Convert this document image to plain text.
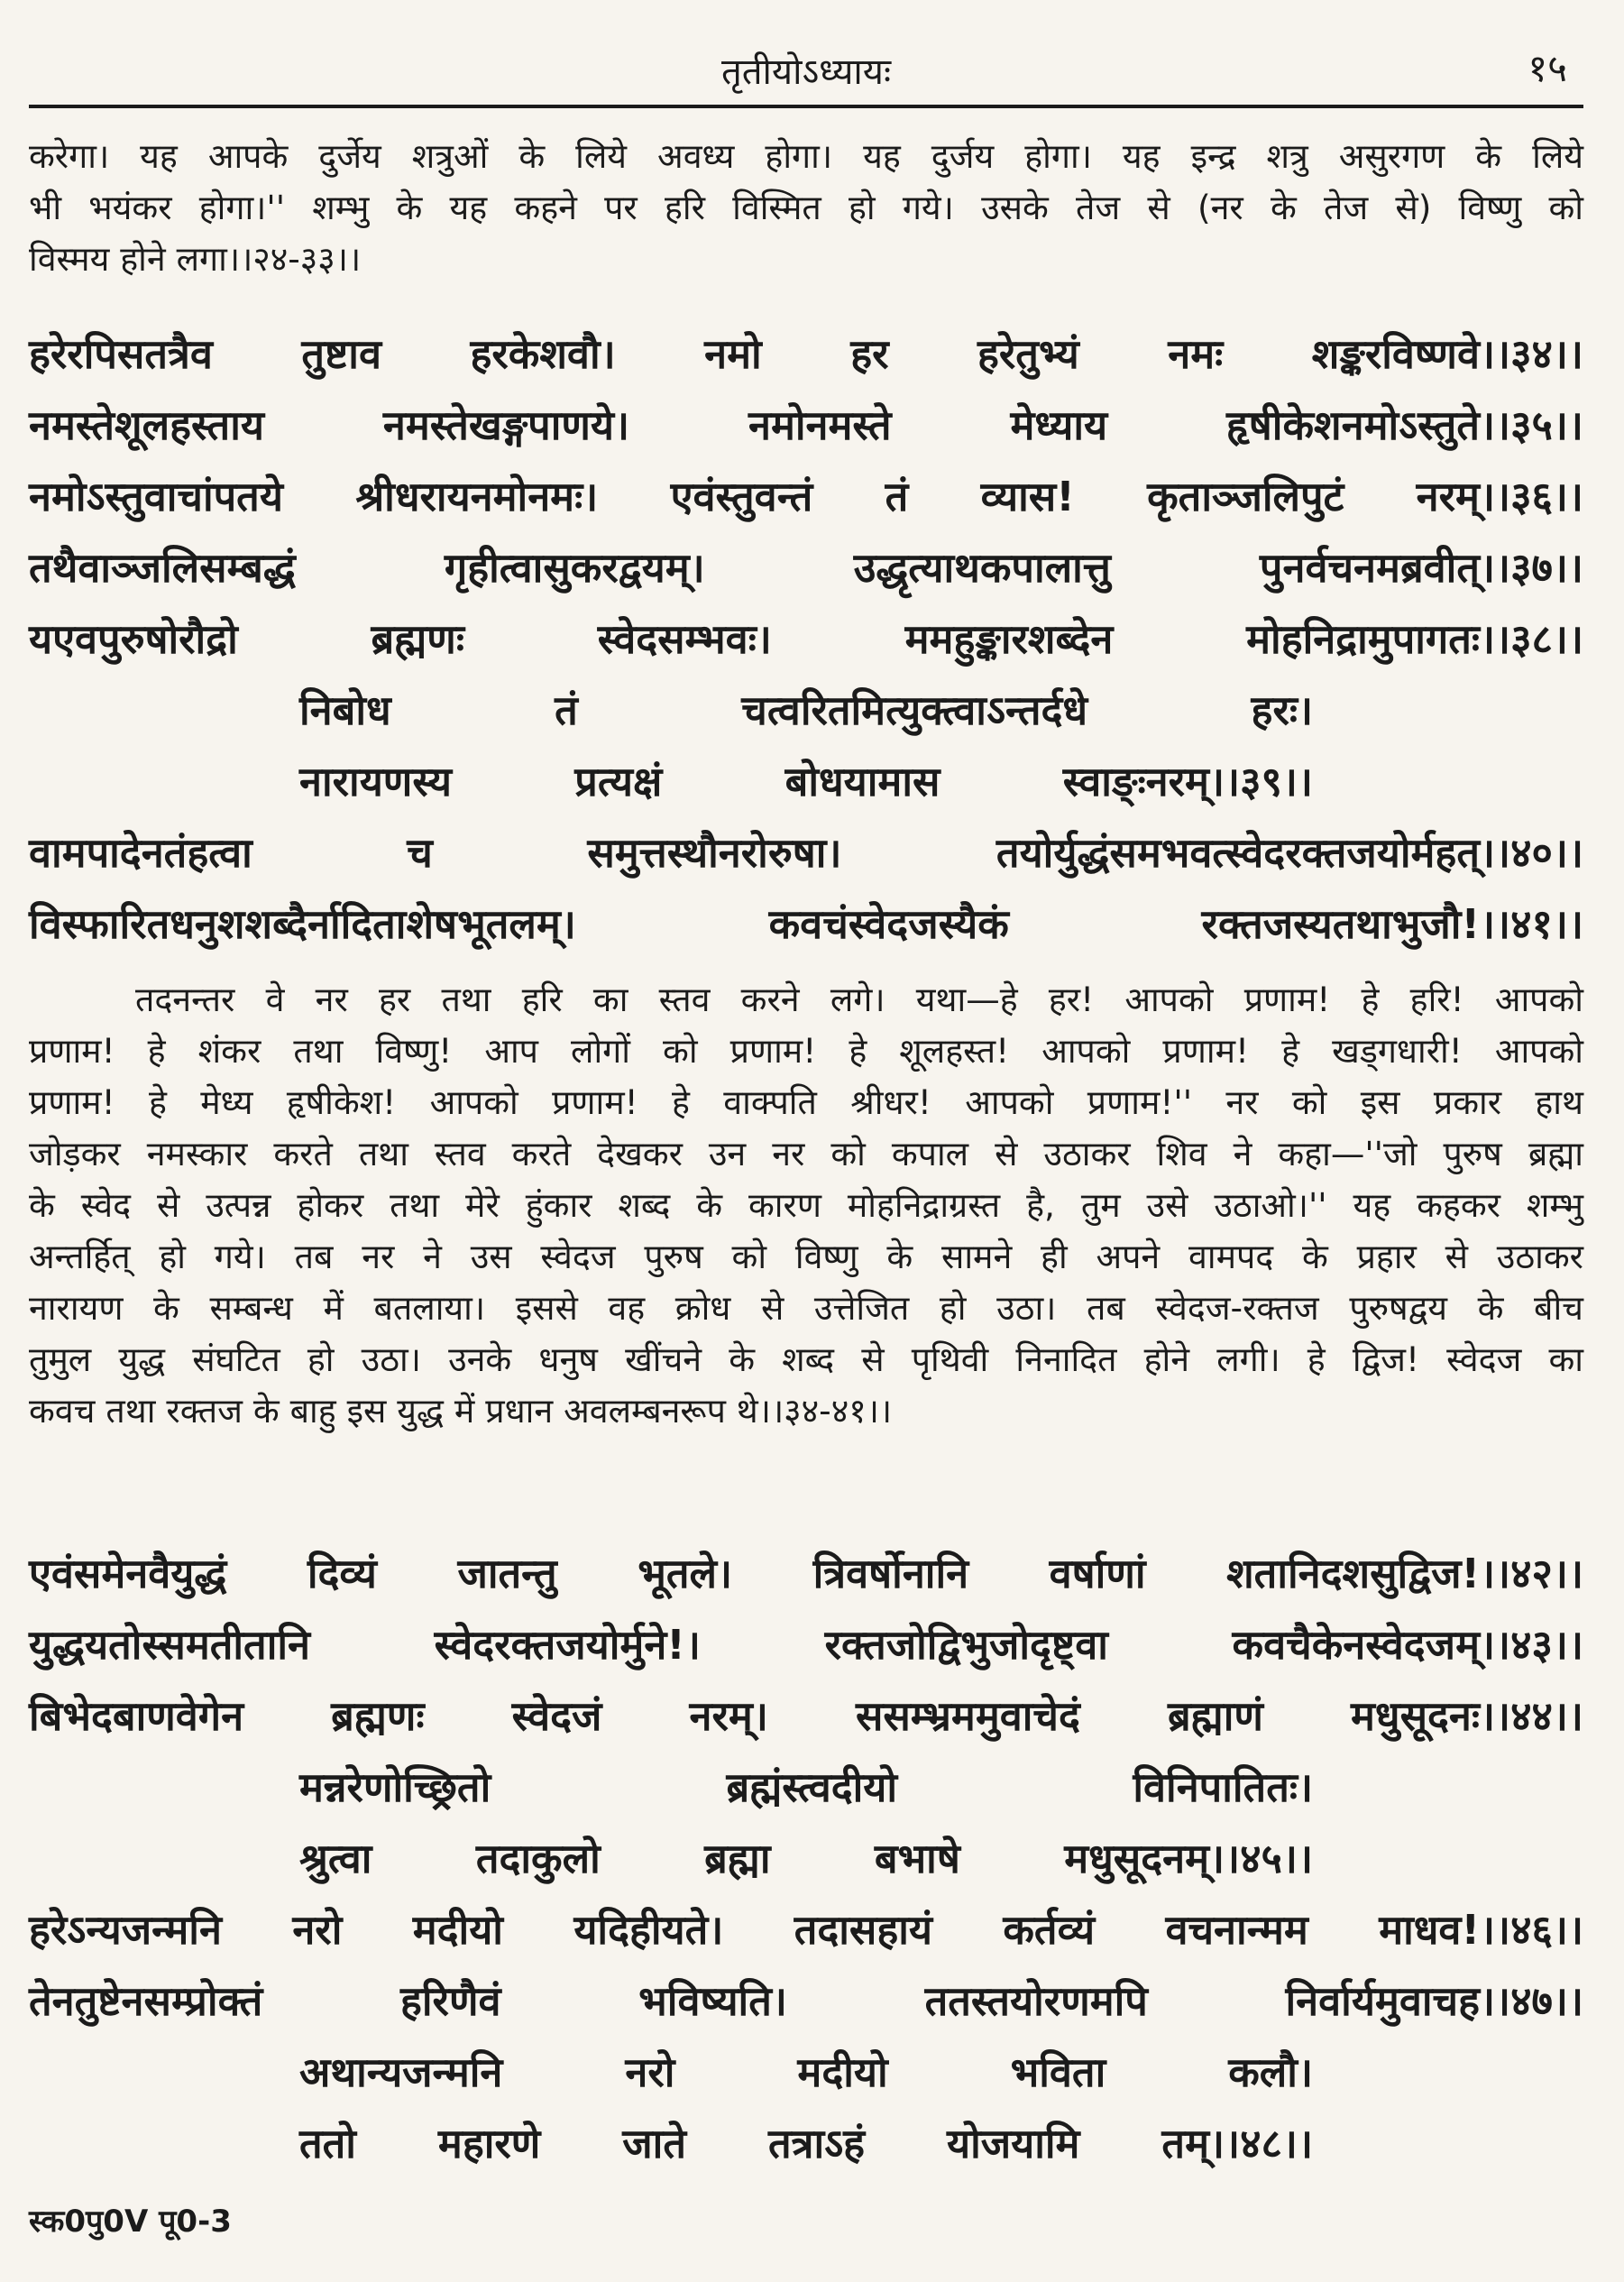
तृतीयोऽध्यायः	१५
करेगा। यह आपके दुर्जेय शत्रुओं के लिये अवध्य होगा। यह दुर्जय होगा। यह इन्द्र शत्रु असुरगण के लिये
भी भयंकर होगा।'' शम्भु के यह कहने पर हरि विस्मित हो गये। उसके तेज से (नर के तेज से) विष्णु को
विस्मय होने लगा।।२४-३३।।
हरेरपिसतत्रैव तुष्टाव हरकेशवौ। नमो हर हरेतुभ्यं नमः शङ्करविष्णवे।।३४।।
नमस्तेशूलहस्ताय नमस्तेखङ्गपाणये। नमोनमस्ते मेध्याय हृषीकेशनमोऽस्तुते।।३५।।
नमोऽस्तुवाचांपतये श्रीधरायनमोनमः। एवंस्तुवन्तं तं व्यास! कृताञ्जलिपुटं नरम्।।३६।।
तथैवाञ्जलिसम्बद्धं गृहीत्वासुकरद्वयम्। उद्धृत्याथकपालात्तु पुनर्वचनमब्रवीत्।।३७।।
यएवपुरुषोरौद्रो ब्रह्मणः स्वेदसम्भवः। ममहुङ्कारशब्देन मोहनिद्रामुपागतः।।३८।।
निबोध तं चत्वरितमित्युक्त्वाऽन्तर्दधे हरः।
नारायणस्य प्रत्यक्षं बोधयामास स्वाङ्ःनरम्।।३९।।
वामपादेनतंहत्वा च समुत्तस्थौनरोरुषा। तयोर्युद्धंसमभवत्स्वेदरक्तजयोर्महत्।।४०।।
विस्फारितधनुशशब्दैर्नादिताशेषभूतलम्। कवचंस्वेदजस्यैकं रक्तजस्यतथाभुजौ!।।४१।।
तदनन्तर वे नर हर तथा हरि का स्तव करने लगे। यथा—हे हर! आपको प्रणाम! हे हरि! आपको
प्रणाम! हे शंकर तथा विष्णु! आप लोगों को प्रणाम! हे शूलहस्त! आपको प्रणाम! हे खड्गधारी! आपको
प्रणाम! हे मेध्य हृषीकेश! आपको प्रणाम! हे वाक्पति श्रीधर! आपको प्रणाम!'' नर को इस प्रकार हाथ
जोड़कर नमस्कार करते तथा स्तव करते देखकर उन नर को कपाल से उठाकर शिव ने कहा—''जो पुरुष ब्रह्मा
के स्वेद से उत्पन्न होकर तथा मेरे हुंकार शब्द के कारण मोहनिद्राग्रस्त है, तुम उसे उठाओ।'' यह कहकर शम्भु
अन्तर्हित् हो गये। तब नर ने उस स्वेदज पुरुष को विष्णु के सामने ही अपने वामपद के प्रहार से उठाकर
नारायण के सम्बन्ध में बतलाया। इससे वह क्रोध से उत्तेजित हो उठा। तब स्वेदज-रक्तज पुरुषद्वय के बीच
तुमुल युद्ध संघटित हो उठा। उनके धनुष खींचने के शब्द से पृथिवी निनादित होने लगी। हे द्विज! स्वेदज का
कवच तथा रक्तज के बाहु इस युद्ध में प्रधान अवलम्बनरूप थे।।३४-४१।।
एवंसमेनवैयुद्धं दिव्यं जातन्तु भूतले। त्रिवर्षोनानि वर्षाणां शतानिदशसुद्विज!।।४२।।
युद्धयतोस्समतीतानि स्वेदरक्तजयोर्मुने!। रक्तजोद्विभुजोदृष्ट्वा कवचैकेनस्वेदजम्।।४३।।
बिभेदबाणवेगेन ब्रह्मणः स्वेदजं नरम्। ससम्भ्रममुवाचेदं ब्रह्माणं मधुसूदनः।।४४।।
मन्नरेणोच्छ्रितो ब्रह्मंस्त्वदीयो विनिपातितः।
श्रुत्वा तदाकुलो ब्रह्मा बभाषे मधुसूदनम्।।४५।।
हरेऽन्यजन्मनि नरो मदीयो यदिहीयते। तदासहायं कर्तव्यं वचनान्मम माधव!।।४६।।
तेनतुष्टेनसम्प्रोक्तं हरिणैवं भविष्यति। ततस्तयोरणमपि निर्वार्यमुवाचह।।४७।।
अथान्यजन्मनि नरो मदीयो भविता कलौ।
ततो महारणे जाते तत्राऽहं योजयामि तम्।।४८।।
स्क0पु0V पू0-3
